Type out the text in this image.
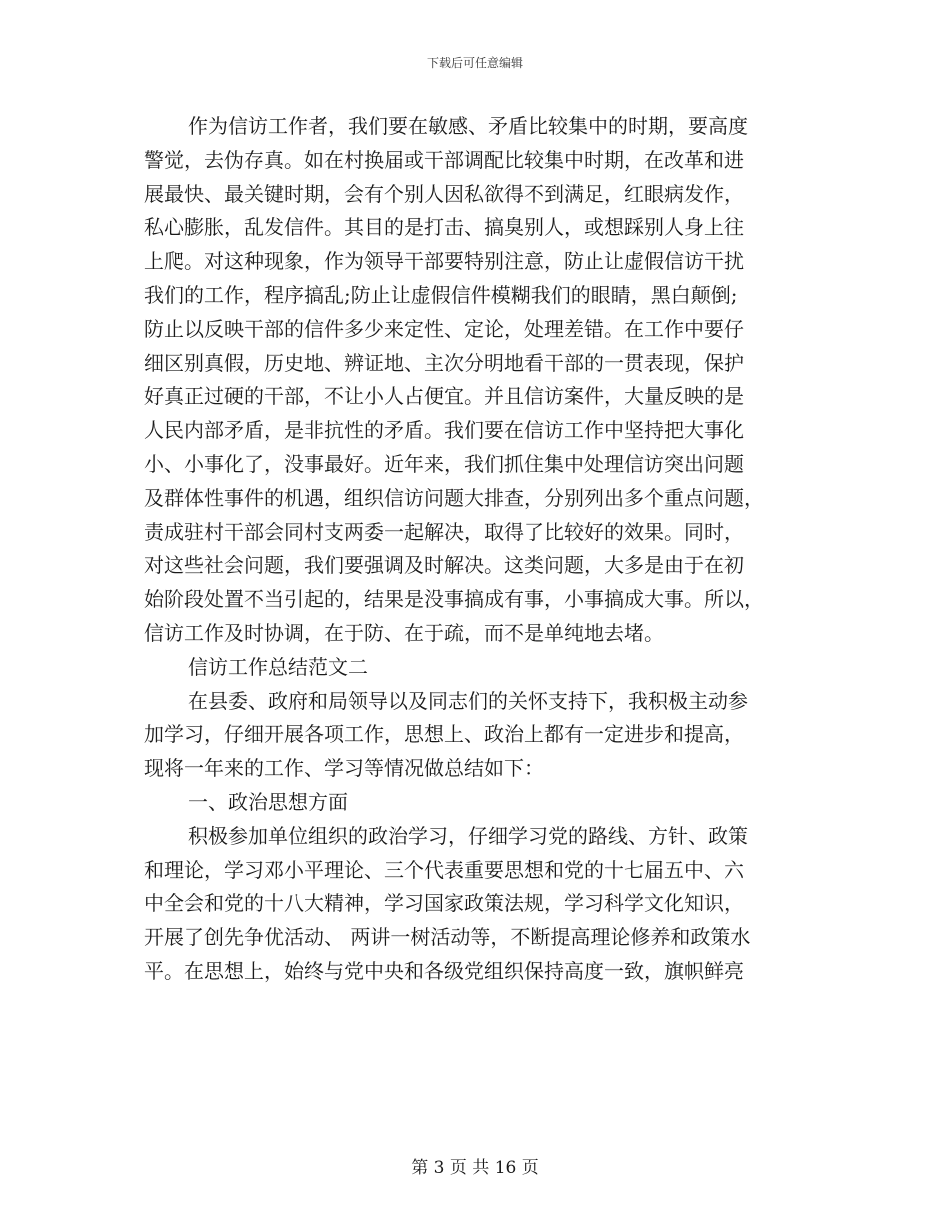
下载后可任意编辑
作为信访工作者，我们要在敏感、矛盾比较集中的时期，要高度
警觉，去伪存真。如在村换届或干部调配比较集中时期，在改革和进
展最快、最关键时期，会有个别人因私欲得不到满足，红眼病发作，
私心膨胀，乱发信件。其目的是打击、搞臭别人，或想踩别人身上往
上爬。对这种现象，作为领导干部要特别注意，防止让虚假信访干扰
我们的工作，程序搞乱;防止让虚假信件模糊我们的眼睛，黑白颠倒;
防止以反映干部的信件多少来定性、定论，处理差错。在工作中要仔
细区别真假，历史地、辨证地、主次分明地看干部的一贯表现，保护
好真正过硬的干部，不让小人占便宜。并且信访案件，大量反映的是
人民内部矛盾，是非抗性的矛盾。我们要在信访工作中坚持把大事化
小、小事化了，没事最好。近年来，我们抓住集中处理信访突出问题
及群体性事件的机遇，组织信访问题大排查，分别列出多个重点问题，
责成驻村干部会同村支两委一起解决，取得了比较好的效果。同时，
对这些社会问题，我们要强调及时解决。这类问题，大多是由于在初
始阶段处置不当引起的，结果是没事搞成有事，小事搞成大事。所以，
信访工作及时协调，在于防、在于疏，而不是单纯地去堵。
信访工作总结范文二
在县委、政府和局领导以及同志们的关怀支持下，我积极主动参
加学习，仔细开展各项工作，思想上、政治上都有一定进步和提高，
现将一年来的工作、学习等情况做总结如下：
一、政治思想方面
积极参加单位组织的政治学习，仔细学习党的路线、方针、政策
和理论，学习邓小平理论、三个代表重要思想和党的十七届五中、六
中全会和党的十八大精神，学习国家政策法规，学习科学文化知识，
开展了创先争优活动、 两讲一树活动等，不断提高理论修养和政策水
平。在思想上，始终与党中央和各级党组织保持高度一致，旗帜鲜亮
第 3 页 共 16 页
